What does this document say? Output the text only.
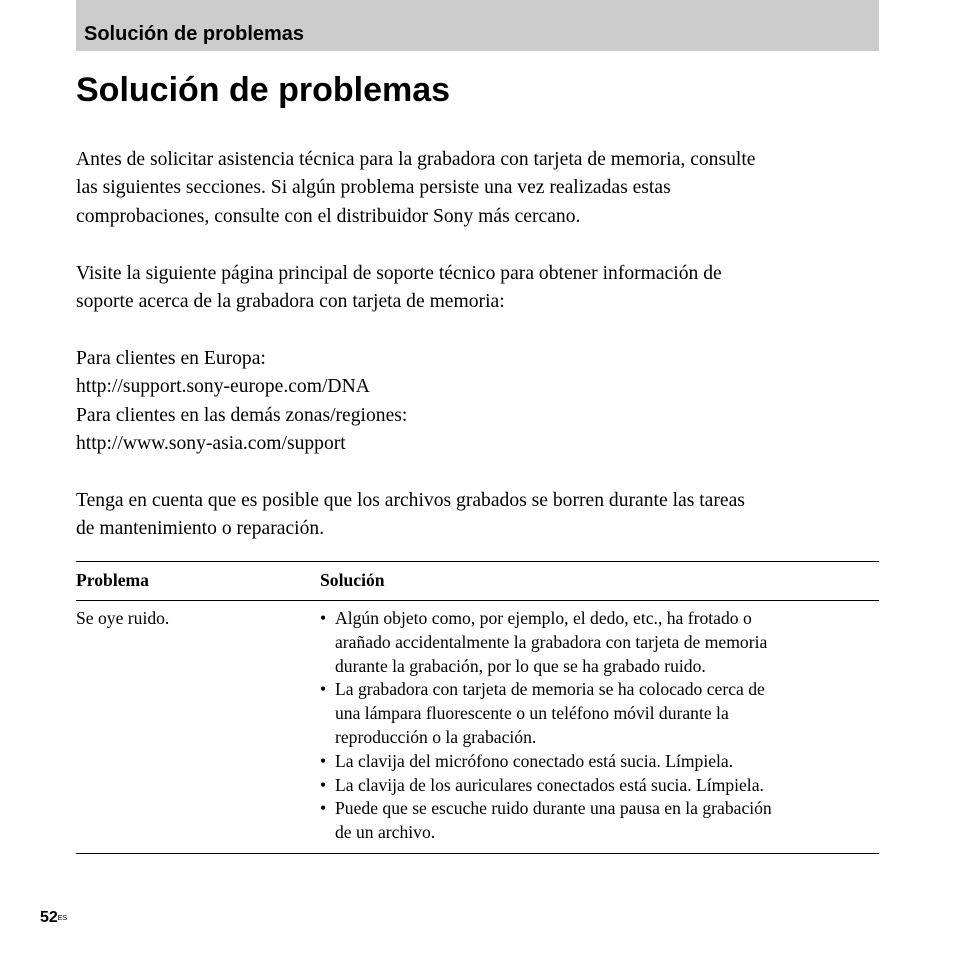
Solución de problemas
Solución de problemas

Antes de solicitar asistencia técnica para la grabadora con tarjeta de memoria, consulte
las siguientes secciones. Si algún problema persiste una vez realizadas estas
comprobaciones, consulte con el distribuidor Sony más cercano.

Visite la siguiente página principal de soporte técnico para obtener información de
soporte acerca de la grabadora con tarjeta de memoria:

Para clientes en Europa:
http://support.sony-europe.com/DNA
Para clientes en las demás zonas/regiones:
http://www.sony-asia.com/support

Tenga en cuenta que es posible que los archivos grabados se borren durante las tareas
de mantenimiento o reparación.

Problema	Solución
Se oye ruido.
•	Algún objeto como, por ejemplo, el dedo, etc., ha frotado o
arañado accidentalmente la grabadora con tarjeta de memoria
durante la grabación, por lo que se ha grabado ruido.
• La grabadora con tarjeta de memoria se ha colocado cerca de
una lámpara fluorescente o un teléfono móvil durante la
reproducción o la grabación.
• La clavija del micrófono conectado está sucia. Límpiela.
• La clavija de los auriculares conectados está sucia. Límpiela.
• Puede que se escuche ruido durante una pausa en la grabación
de un archivo.
$52^{ES}$
